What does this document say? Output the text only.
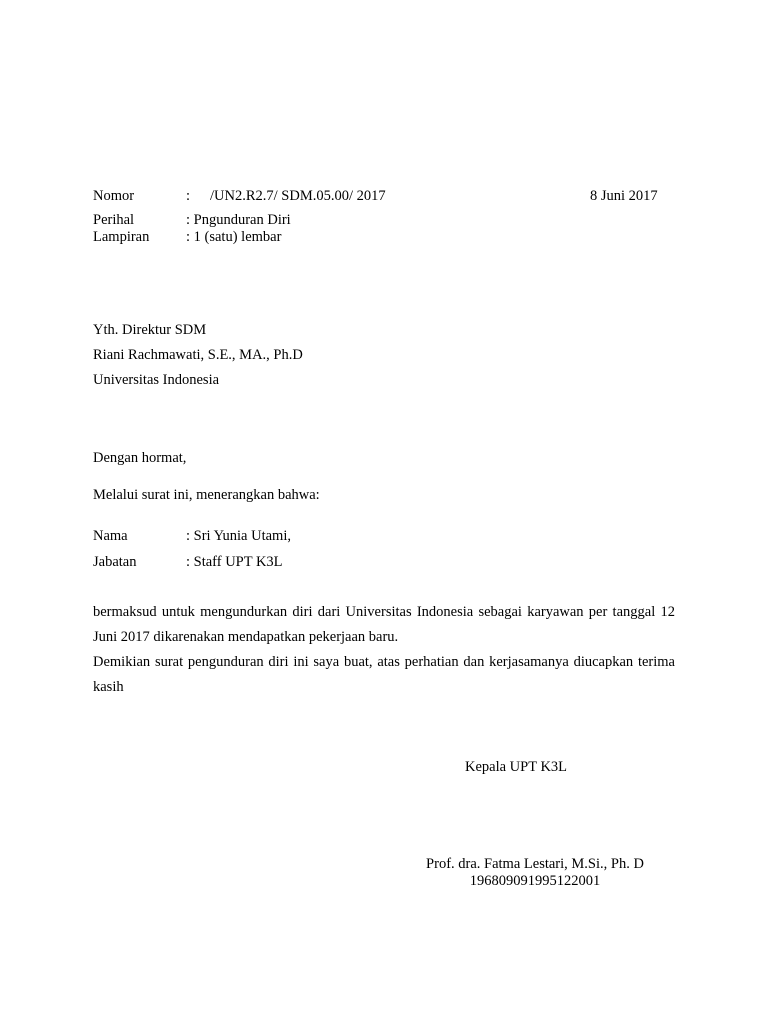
Nomor	: /UN2.R2.7/ SDM.05.00/ 2017	8 Juni 2017
Perihal	: Pngunduran Diri
Lampiran	: 1 (satu) lembar
Yth. Direktur SDM
Riani Rachmawati, S.E., MA., Ph.D
Universitas Indonesia
Dengan hormat,
Melalui surat ini, menerangkan bahwa:
Nama	: Sri Yunia Utami,
Jabatan	: Staff UPT K3L
bermaksud untuk mengundurkan diri dari Universitas Indonesia sebagai karyawan per tanggal 12 Juni 2017 dikarenakan mendapatkan pekerjaan baru.
Demikian surat pengunduran diri ini saya buat, atas perhatian dan kerjasamanya diucapkan terima kasih
Kepala UPT K3L
Prof. dra. Fatma Lestari, M.Si., Ph. D
196809091995122001
